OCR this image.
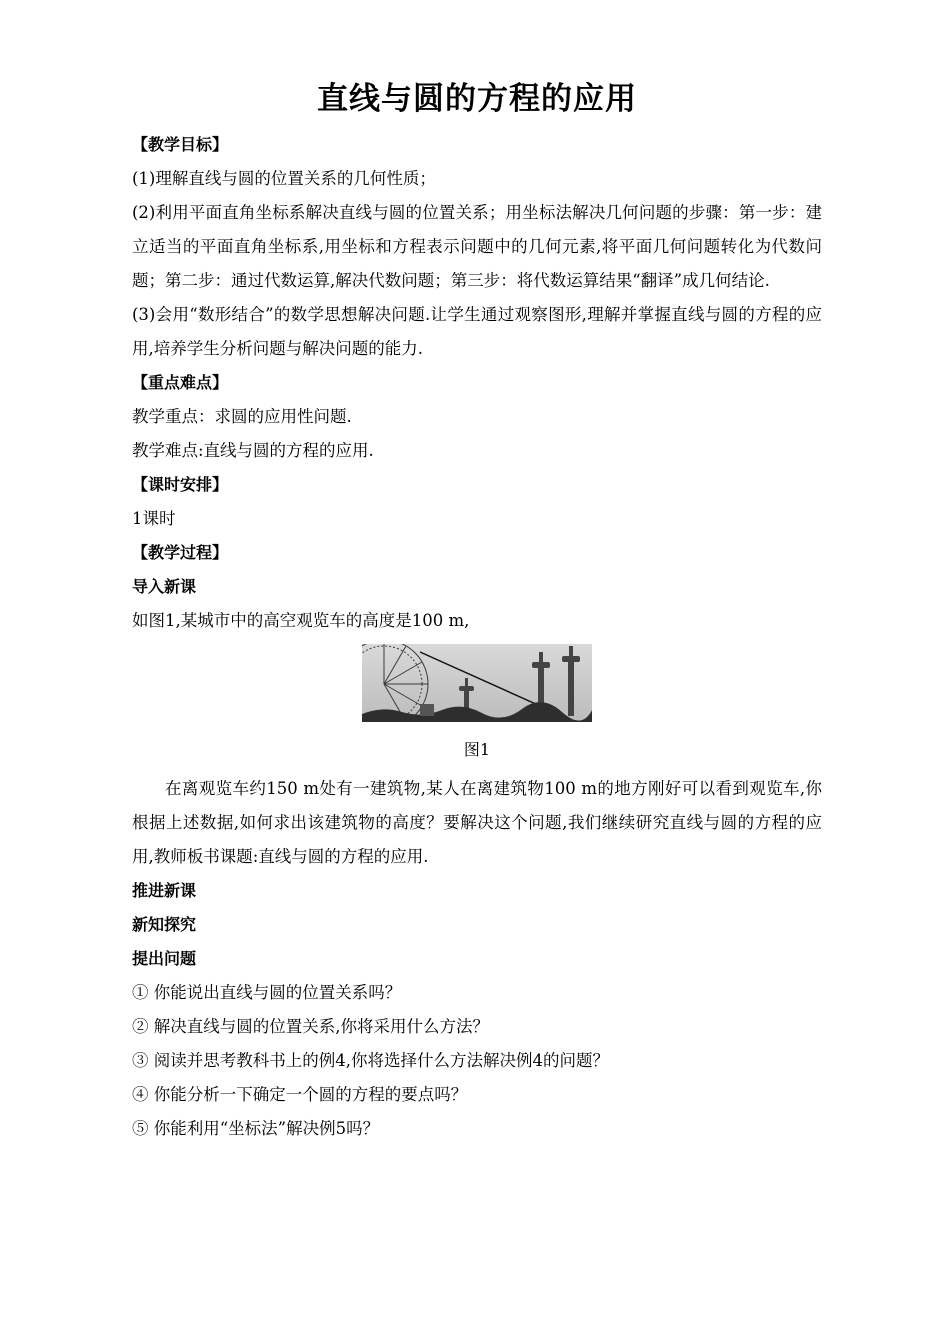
直线与圆的方程的应用
【教学目标】

(1)理解直线与圆的位置关系的几何性质；

(2)利用平面直角坐标系解决直线与圆的位置关系；用坐标法解决几何问题的步骤：第一步：建立适当的平面直角坐标系,用坐标和方程表示问题中的几何元素,将平面几何问题转化为代数问题；第二步：通过代数运算,解决代数问题；第三步：将代数运算结果“翻译”成几何结论.

(3)会用“数形结合”的数学思想解决问题.让学生通过观察图形,理解并掌握直线与圆的方程的应用,培养学生分析问题与解决问题的能力.

【重点难点】

教学重点：求圆的应用性问题.

教学难点:直线与圆的方程的应用.

【课时安排】

1课时

【教学过程】
导入新课

如图1,某城市中的高空观览车的高度是100 m,

图1

在离观览车约150 m处有一建筑物,某人在离建筑物100 m的地方刚好可以看到观览车,你根据上述数据,如何求出该建筑物的高度？要解决这个问题,我们继续研究直线与圆的方程的应用,教师板书课题:直线与圆的方程的应用.

推进新课
新知探究
提出问题

① 你能说出直线与圆的位置关系吗？

② 解决直线与圆的位置关系,你将采用什么方法？

③ 阅读并思考教科书上的例4,你将选择什么方法解决例4的问题？

④ 你能分析一下确定一个圆的方程的要点吗？

⑤ 你能利用“坐标法”解决例5吗？
